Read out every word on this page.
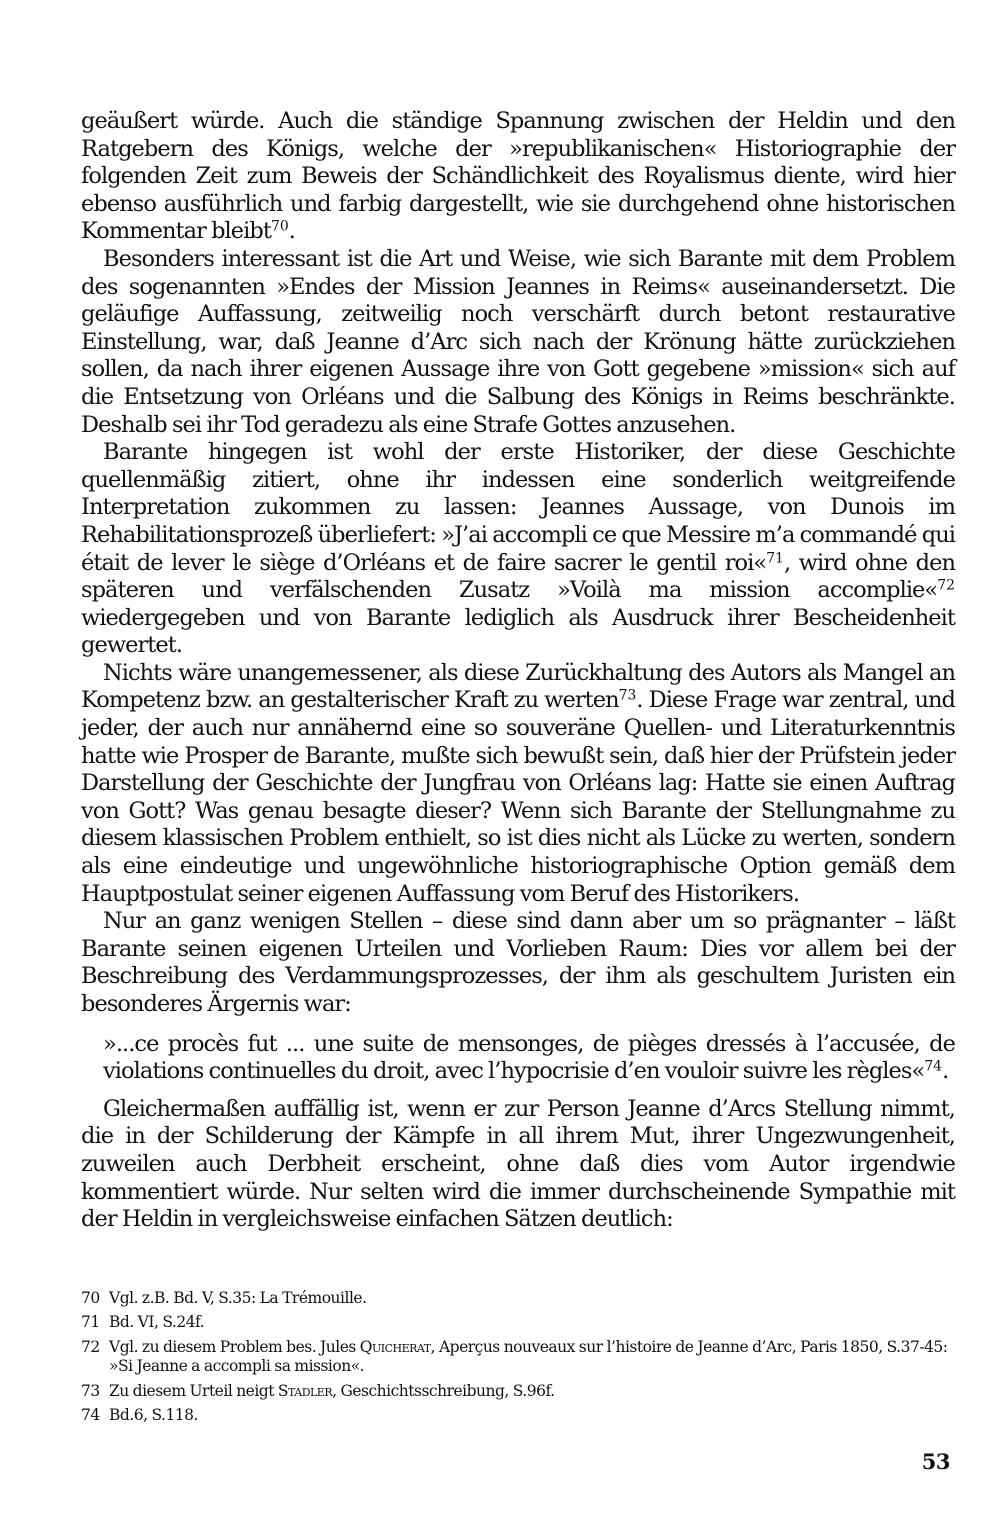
geäußert würde. Auch die ständige Spannung zwischen der Heldin und den Ratgebern des Königs, welche der »republikanischen« Historiographie der folgenden Zeit zum Beweis der Schändlichkeit des Royalismus diente, wird hier ebenso ausführlich und farbig dargestellt, wie sie durchgehend ohne historischen Kommentar bleibt$^{70}$.

Besonders interessant ist die Art und Weise, wie sich Barante mit dem Problem des sogenannten »Endes der Mission Jeannes in Reims« auseinandersetzt. Die geläufige Auffassung, zeitweilig noch verschärft durch betont restaurative Einstellung, war, daß Jeanne d’Arc sich nach der Krönung hätte zurückziehen sollen, da nach ihrer eigenen Aussage ihre von Gott gegebene »mission« sich auf die Entsetzung von Orléans und die Salbung des Königs in Reims beschränkte. Deshalb sei ihr Tod geradezu als eine Strafe Gottes anzusehen.

Barante hingegen ist wohl der erste Historiker, der diese Geschichte quellenmäßig zitiert, ohne ihr indessen eine sonderlich weitgreifende Interpretation zukommen zu lassen: Jeannes Aussage, von Dunois im Rehabilitationsprozeß überliefert: »J’ai accompli ce que Messire m’a commandé qui était de lever le siège d’Orléans et de faire sacrer le gentil roi«$^{71}$, wird ohne den späteren und verfälschenden Zusatz »Voilà ma mission accomplie«$^{72}$ wiedergegeben und von Barante lediglich als Ausdruck ihrer Bescheidenheit gewertet.

Nichts wäre unangemessener, als diese Zurückhaltung des Autors als Mangel an Kompetenz bzw. an gestalterischer Kraft zu werten$^{73}$. Diese Frage war zentral, und jeder, der auch nur annähernd eine so souveräne Quellen- und Literaturkenntnis hatte wie Prosper de Barante, mußte sich bewußt sein, daß hier der Prüfstein jeder Darstellung der Geschichte der Jungfrau von Orléans lag: Hatte sie einen Auftrag von Gott? Was genau besagte dieser? Wenn sich Barante der Stellungnahme zu diesem klassischen Problem enthielt, so ist dies nicht als Lücke zu werten, sondern als eine eindeutige und ungewöhnliche historiographische Option gemäß dem Hauptpostulat seiner eigenen Auffassung vom Beruf des Historikers.

Nur an ganz wenigen Stellen – diese sind dann aber um so prägnanter – läßt Barante seinen eigenen Urteilen und Vorlieben Raum: Dies vor allem bei der Beschreibung des Verdammungsprozesses, der ihm als geschultem Juristen ein besonderes Ärgernis war:

»...ce procès fut ... une suite de mensonges, de pièges dressés à l’accusée, de violations continuelles du droit, avec l’hypocrisie d’en vouloir suivre les règles«$^{74}$.

Gleichermaßen auffällig ist, wenn er zur Person Jeanne d’Arcs Stellung nimmt, die in der Schilderung der Kämpfe in all ihrem Mut, ihrer Ungezwungenheit, zuweilen auch Derbheit erscheint, ohne daß dies vom Autor irgendwie kommentiert würde. Nur selten wird die immer durchscheinende Sympathie mit der Heldin in vergleichsweise einfachen Sätzen deutlich:

70 Vgl. z.B. Bd. V, S.35: La Trémouille.
71 Bd. VI, S.24f.
72 Vgl. zu diesem Problem bes. Jules Quicherat, Aperçus nouveaux sur l’histoire de Jeanne d’Arc, Paris 1850, S.37-45: »Si Jeanne a accompli sa mission«.
73 Zu diesem Urteil neigt Stadler, Geschichtsschreibung, S.96f.
74 Bd.6, S.118.
53
